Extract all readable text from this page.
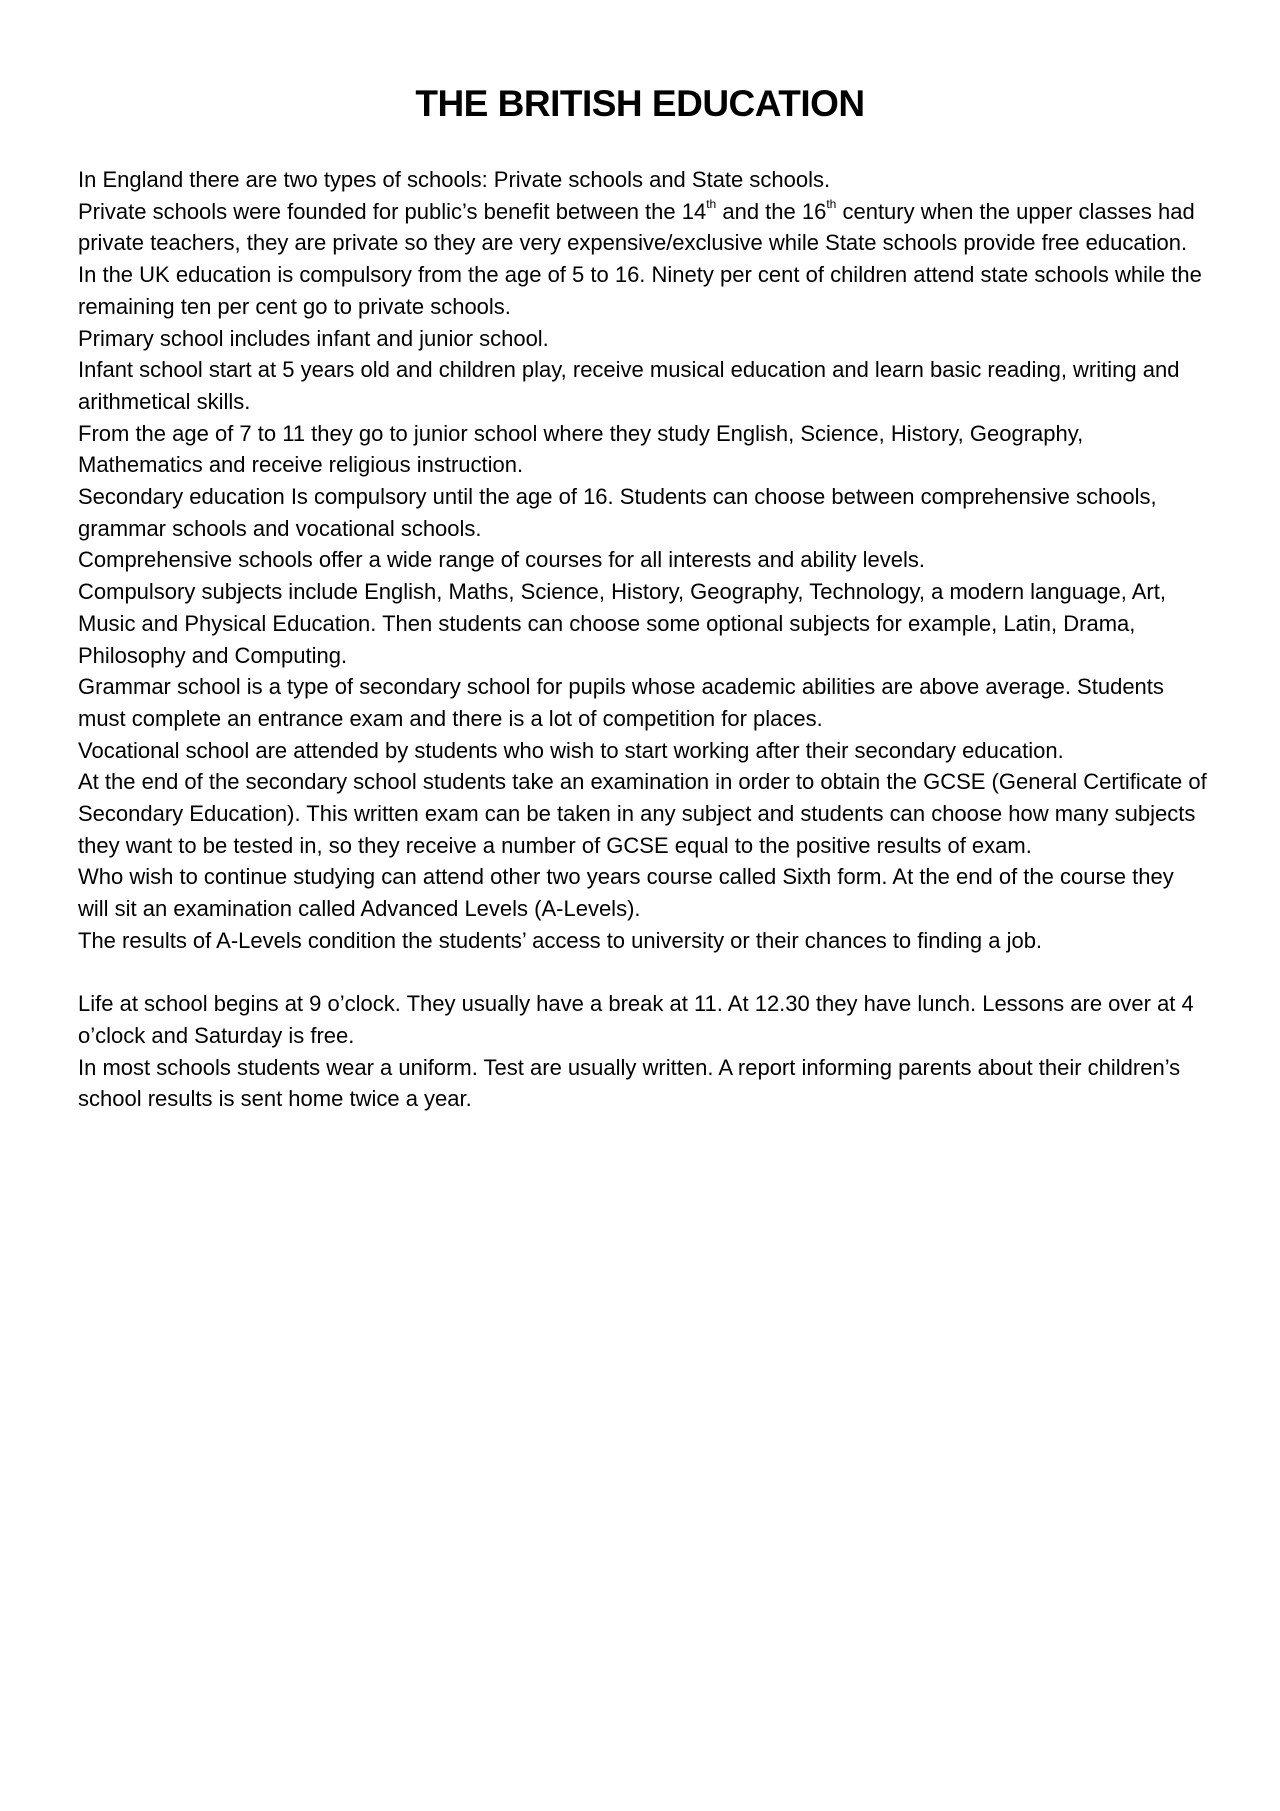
THE BRITISH EDUCATION

In England there are two types of schools: Private schools and State schools.

Private schools were founded for public’s benefit between the 14th and the 16th century when the upper classes had private teachers, they are private so they are very expensive/exclusive while State schools provide free education.

In the UK education is compulsory from the age of 5 to 16. Ninety per cent of children attend state schools while the remaining ten per cent go to private schools.

Primary school includes infant and junior school.

Infant school start at 5 years old and children play, receive musical education and learn basic reading, writing and arithmetical skills.

From the age of 7 to 11 they go to junior school where they study English, Science, History, Geography, Mathematics and receive religious instruction.

Secondary education Is compulsory until the age of 16. Students can choose between comprehensive schools, grammar schools and vocational schools.

Comprehensive schools offer a wide range of courses for all interests and ability levels.

Compulsory subjects include English, Maths, Science, History, Geography, Technology, a modern language, Art, Music and Physical Education. Then students can choose some optional subjects for example, Latin, Drama, Philosophy and Computing.

Grammar school is a type of secondary school for pupils whose academic abilities are above average. Students must complete an entrance exam and there is a lot of competition for places.

Vocational school are attended by students who wish to start working after their secondary education.

At the end of the secondary school students take an examination in order to obtain the GCSE (General Certificate of Secondary Education). This written exam can be taken in any subject and students can choose how many subjects they want to be tested in, so they receive a number of GCSE equal to the positive results of exam.

Who wish to continue studying can attend other two years course called Sixth form. At the end of the course they will sit an examination called Advanced Levels (A-Levels).

The results of A-Levels condition the students’ access to university or their chances to finding a job.

Life at school begins at 9 o’clock. They usually have a break at 11. At 12.30 they have lunch. Lessons are over at 4 o’clock and Saturday is free.

In most schools students wear a uniform. Test are usually written. A report informing parents about their children’s school results is sent home twice a year.
